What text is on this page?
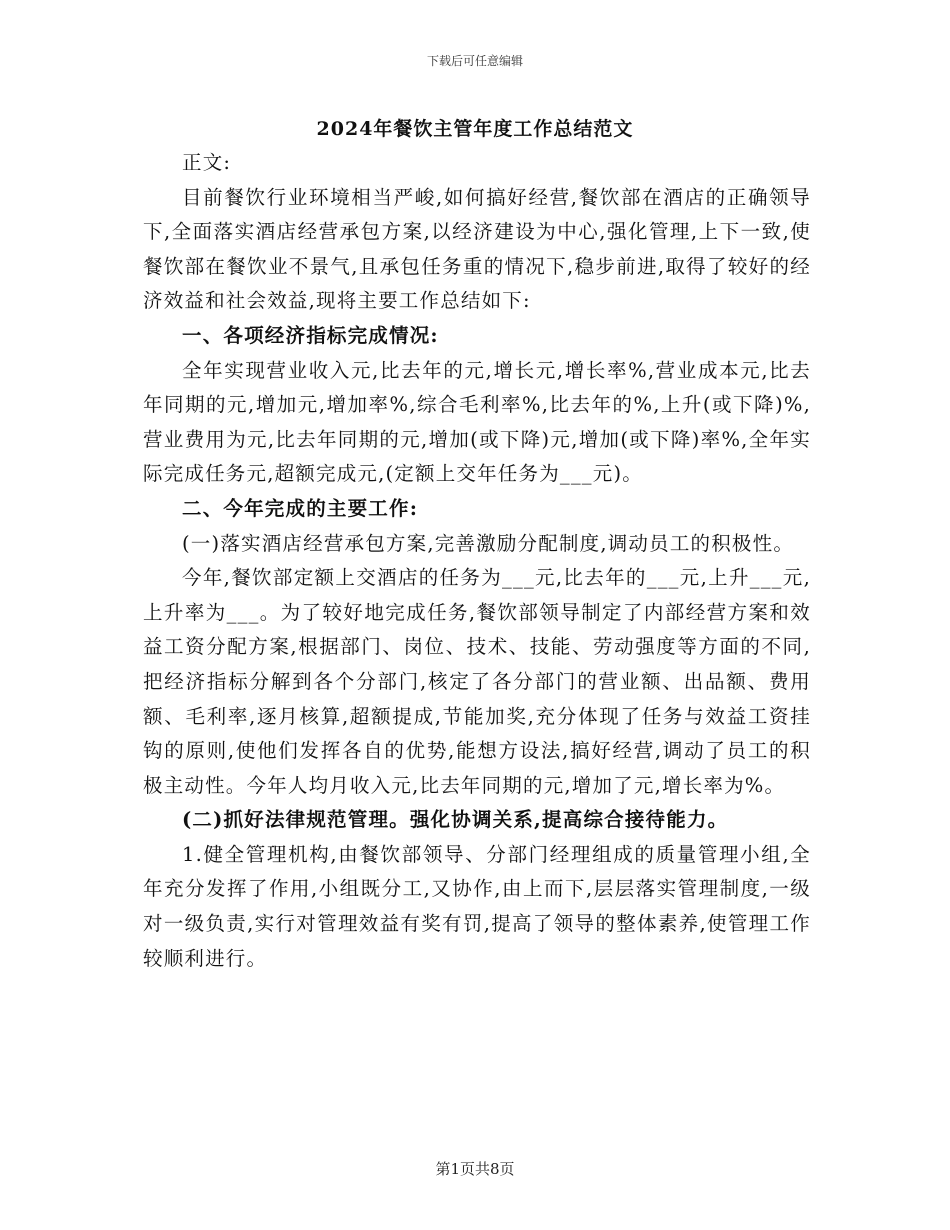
下载后可任意编辑
2024年餐饮主管年度工作总结范文

正文:

目前餐饮行业环境相当严峻,如何搞好经营,餐饮部在酒店的正确领导下,全面落实酒店经营承包方案,以经济建设为中心,强化管理,上下一致,使餐饮部在餐饮业不景气,且承包任务重的情况下,稳步前进,取得了较好的经济效益和社会效益,现将主要工作总结如下:

一、各项经济指标完成情况:

全年实现营业收入元,比去年的元,增长元,增长率%,营业成本元,比去年同期的元,增加元,增加率%,综合毛利率%,比去年的%,上升(或下降)%,营业费用为元,比去年同期的元,增加(或下降)元,增加(或下降)率%,全年实际完成任务元,超额完成元,(定额上交年任务为___元)。

二、今年完成的主要工作:

(一)落实酒店经营承包方案,完善激励分配制度,调动员工的积极性。

今年,餐饮部定额上交酒店的任务为___元,比去年的___元,上升___元,上升率为___。为了较好地完成任务,餐饮部领导制定了内部经营方案和效益工资分配方案,根据部门、岗位、技术、技能、劳动强度等方面的不同,把经济指标分解到各个分部门,核定了各分部门的营业额、出品额、费用额、毛利率,逐月核算,超额提成,节能加奖,充分体现了任务与效益工资挂钩的原则,使他们发挥各自的优势,能想方设法,搞好经营,调动了员工的积极主动性。今年人均月收入元,比去年同期的元,增加了元,增长率为%。

(二)抓好法律规范管理。强化协调关系,提高综合接待能力。

1.健全管理机构,由餐饮部领导、分部门经理组成的质量管理小组,全年充分发挥了作用,小组既分工,又协作,由上而下,层层落实管理制度,一级对一级负责,实行对管理效益有奖有罚,提高了领导的整体素养,使管理工作较顺利进行。

第1页共8页
